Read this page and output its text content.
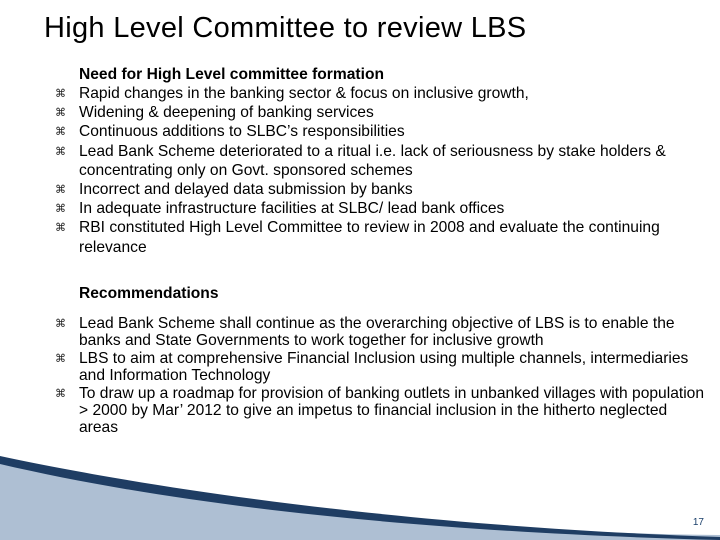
High Level Committee to review LBS
Need for High Level committee formation
⌘ Rapid changes in the banking sector & focus on inclusive growth,
⌘ Widening & deepening of banking services
⌘ Continuous additions to SLBC’s responsibilities
⌘ Lead Bank Scheme deteriorated to a ritual i.e. lack of seriousness by stake holders & concentrating only on Govt. sponsored schemes
⌘ Incorrect and delayed data submission by banks
⌘ In adequate infrastructure facilities at SLBC/ lead bank offices
⌘ RBI constituted High Level Committee to review in 2008 and evaluate the continuing relevance
Recommendations
⌘ Lead Bank Scheme shall continue as the overarching objective of LBS is to enable the banks and State Governments to work together for inclusive growth
⌘ LBS to aim at comprehensive Financial Inclusion using multiple channels, intermediaries and Information Technology
⌘ To draw up a roadmap for provision of banking outlets in unbanked villages with population > 2000 by Mar’ 2012 to give an impetus to financial inclusion in the hitherto neglected areas
17
